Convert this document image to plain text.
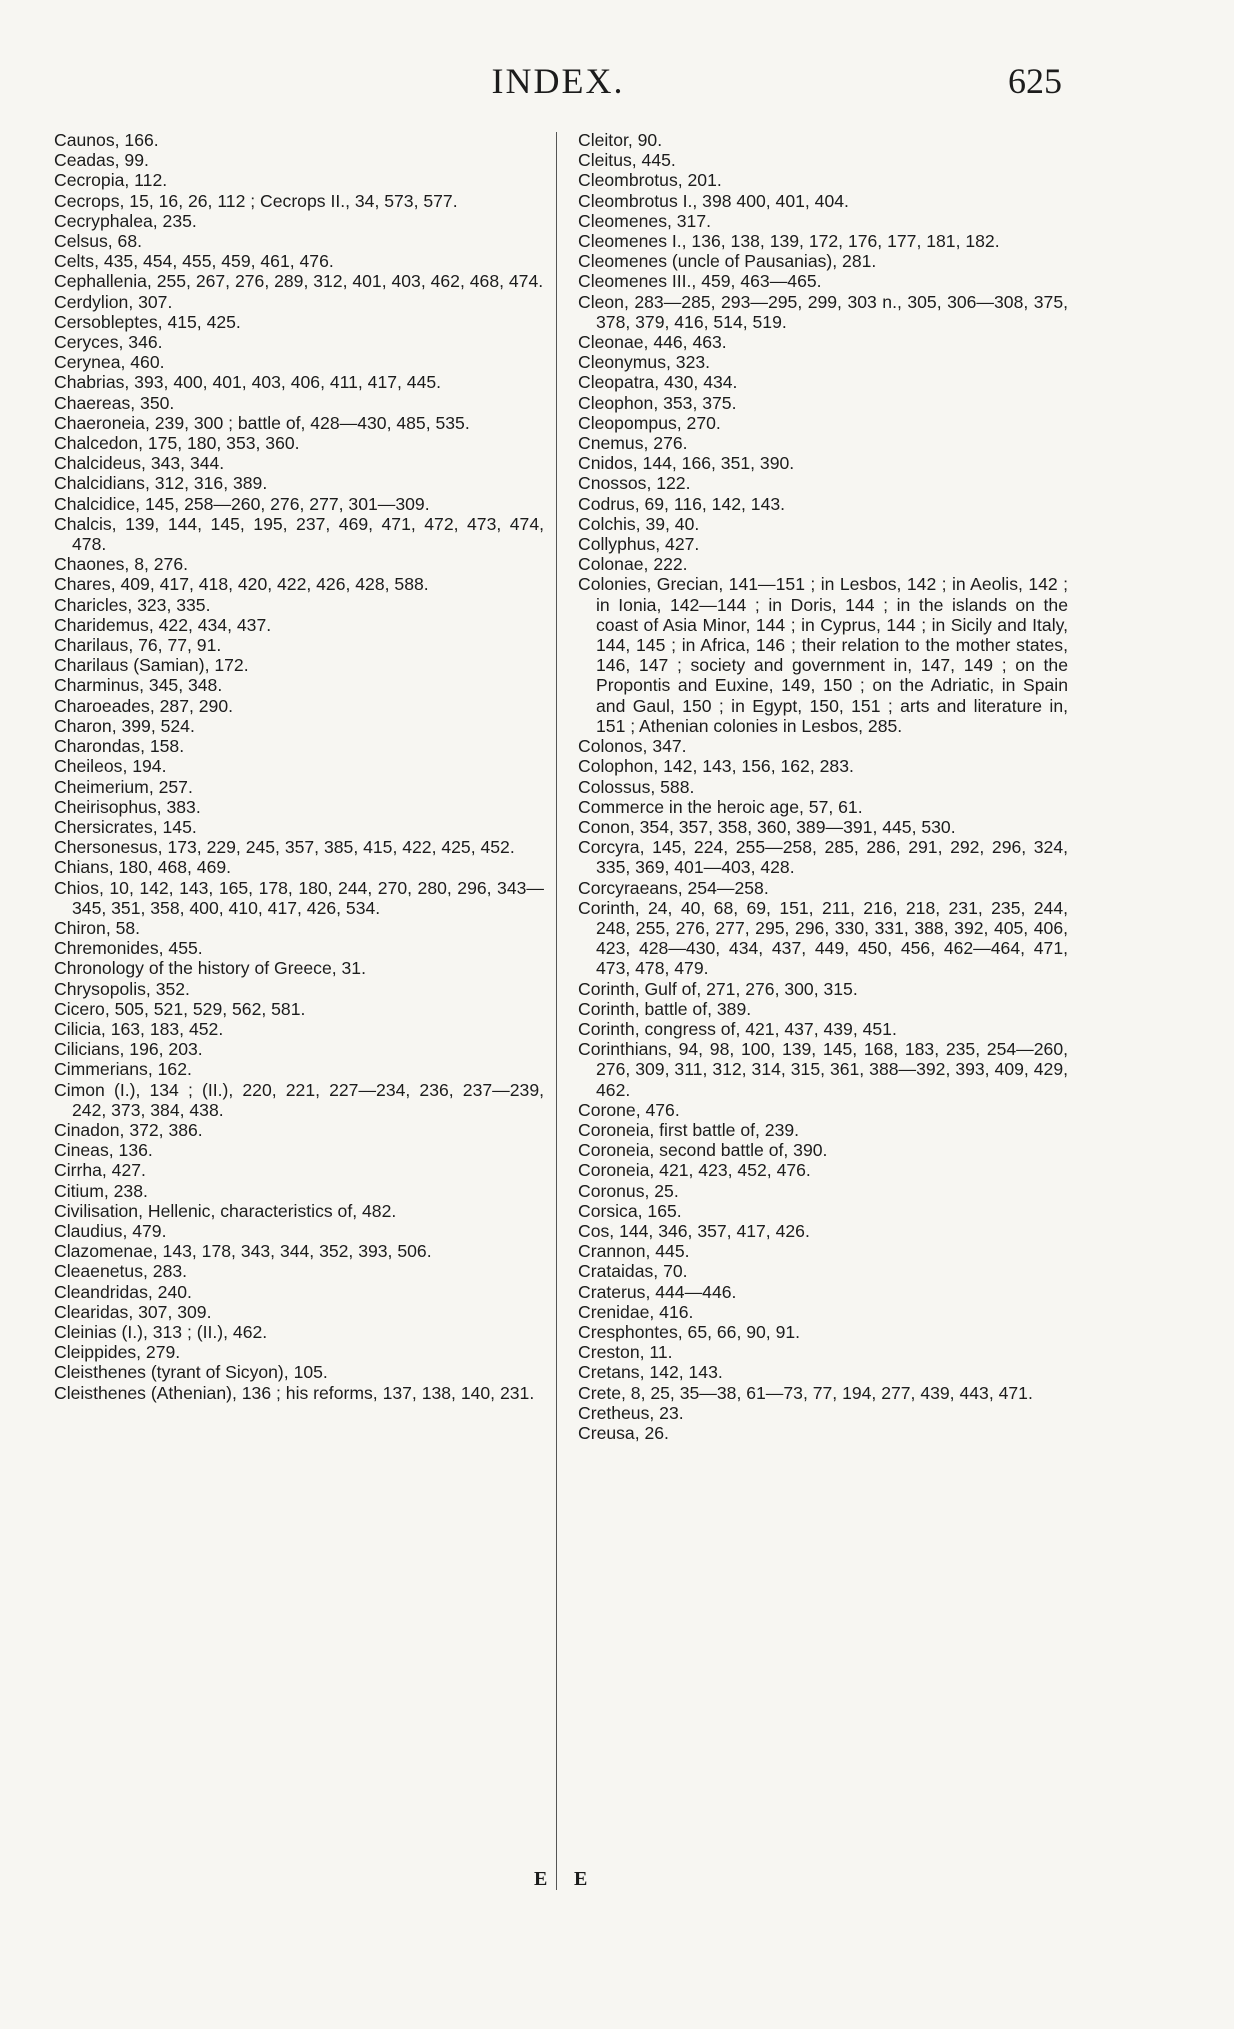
INDEX.	625

Caunos, 166.

Ceadas, 99.

Cecropia, 112.

Cecrops, 15, 16, 26, 112 ; Cecrops II., 34, 573, 577.

Cecryphalea, 235.

Celsus, 68.

Celts, 435, 454, 455, 459, 461, 476.

Cephallenia, 255, 267, 276, 289, 312, 401, 403, 462, 468, 474.

Cerdylion, 307.

Cersobleptes, 415, 425.

Ceryces, 346.

Cerynea, 460.

Chabrias, 393, 400, 401, 403, 406, 411, 417, 445.

Chaereas, 350.

Chaeroneia, 239, 300 ; battle of, 428—430, 485, 535.

Chalcedon, 175, 180, 353, 360.

Chalcideus, 343, 344.

Chalcidians, 312, 316, 389.

Chalcidice, 145, 258—260, 276, 277, 301—309.

Chalcis, 139, 144, 145, 195, 237, 469, 471, 472, 473, 474, 478.

Chaones, 8, 276.

Chares, 409, 417, 418, 420, 422, 426, 428, 588.

Charicles, 323, 335.

Charidemus, 422, 434, 437.

Charilaus, 76, 77, 91.

Charilaus (Samian), 172.

Charminus, 345, 348.

Charoeades, 287, 290.

Charon, 399, 524.

Charondas, 158.

Cheileos, 194.

Cheimerium, 257.

Cheirisophus, 383.

Chersicrates, 145.

Chersonesus, 173, 229, 245, 357, 385, 415, 422, 425, 452.

Chians, 180, 468, 469.

Chios, 10, 142, 143, 165, 178, 180, 244, 270, 280, 296, 343—345, 351, 358, 400, 410, 417, 426, 534.

Chiron, 58.

Chremonides, 455.

Chronology of the history of Greece, 31.

Chrysopolis, 352.

Cicero, 505, 521, 529, 562, 581.

Cilicia, 163, 183, 452.

Cilicians, 196, 203.

Cimmerians, 162.

Cimon (I.), 134 ; (II.), 220, 221, 227—234, 236, 237—239, 242, 373, 384, 438.

Cinadon, 372, 386.

Cineas, 136.

Cirrha, 427.

Citium, 238.

Civilisation, Hellenic, characteristics of, 482.

Claudius, 479.

Clazomenae, 143, 178, 343, 344, 352, 393, 506.

Cleaenetus, 283.

Cleandridas, 240.

Clearidas, 307, 309.

Cleinias (I.), 313 ; (II.), 462.

Cleippides, 279.

Cleisthenes (tyrant of Sicyon), 105.

Cleisthenes (Athenian), 136 ; his reforms, 137, 138, 140, 231.

Cleitor, 90.

Cleitus, 445.

Cleombrotus, 201.

Cleombrotus I., 398 400, 401, 404.

Cleomenes, 317.

Cleomenes I., 136, 138, 139, 172, 176, 177, 181, 182.

Cleomenes (uncle of Pausanias), 281.

Cleomenes III., 459, 463—465.

Cleon, 283—285, 293—295, 299, 303 n., 305, 306—308, 375, 378, 379, 416, 514, 519.

Cleonae, 446, 463.

Cleonymus, 323.

Cleopatra, 430, 434.

Cleophon, 353, 375.

Cleopompus, 270.

Cnemus, 276.

Cnidos, 144, 166, 351, 390.

Cnossos, 122.

Codrus, 69, 116, 142, 143.

Colchis, 39, 40.

Collyphus, 427.

Colonae, 222.

Colonies, Grecian, 141—151 ; in Lesbos, 142 ; in Aeolis, 142 ; in Ionia, 142—144 ; in Doris, 144 ; in the islands on the coast of Asia Minor, 144 ; in Cyprus, 144 ; in Sicily and Italy, 144, 145 ; in Africa, 146 ; their relation to the mother states, 146, 147 ; society and government in, 147, 149 ; on the Propontis and Euxine, 149, 150 ; on the Adriatic, in Spain and Gaul, 150 ; in Egypt, 150, 151 ; arts and literature in, 151 ; Athenian colonies in Lesbos, 285.

Colonos, 347.

Colophon, 142, 143, 156, 162, 283.

Colossus, 588.

Commerce in the heroic age, 57, 61.

Conon, 354, 357, 358, 360, 389—391, 445, 530.

Corcyra, 145, 224, 255—258, 285, 286, 291, 292, 296, 324, 335, 369, 401—403, 428.

Corcyraeans, 254—258.

Corinth, 24, 40, 68, 69, 151, 211, 216, 218, 231, 235, 244, 248, 255, 276, 277, 295, 296, 330, 331, 388, 392, 405, 406, 423, 428—430, 434, 437, 449, 450, 456, 462—464, 471, 473, 478, 479.

Corinth, Gulf of, 271, 276, 300, 315.

Corinth, battle of, 389.

Corinth, congress of, 421, 437, 439, 451.

Corinthians, 94, 98, 100, 139, 145, 168, 183, 235, 254—260, 276, 309, 311, 312, 314, 315, 361, 388—392, 393, 409, 429, 462.

Corone, 476.

Coroneia, first battle of, 239.

Coroneia, second battle of, 390.

Coroneia, 421, 423, 452, 476.

Coronus, 25.

Corsica, 165.

Cos, 144, 346, 357, 417, 426.

Crannon, 445.

Crataidas, 70.

Craterus, 444—446.

Crenidae, 416.

Cresphontes, 65, 66, 90, 91.

Creston, 11.

Cretans, 142, 143.

Crete, 8, 25, 35—38, 61—73, 77, 194, 277, 439, 443, 471.

Cretheus, 23.

Creusa, 26.

E E
